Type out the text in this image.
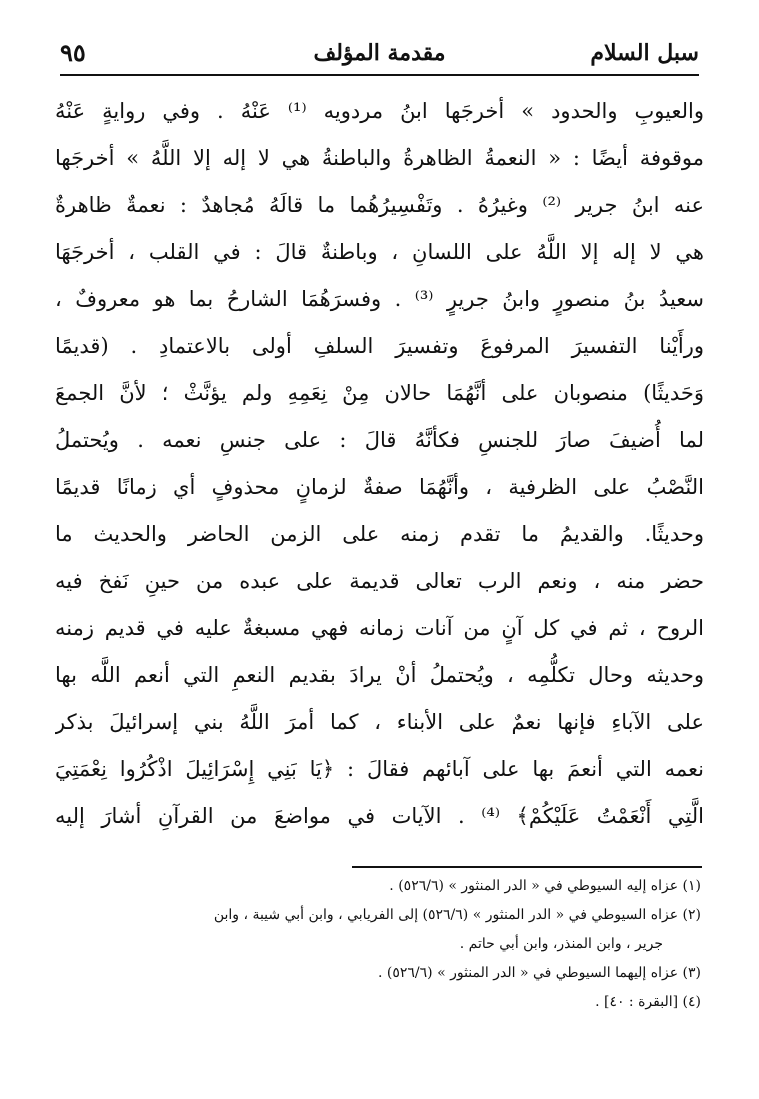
سبل السلام
مقدمة المؤلف
٩٥
والعيوبِ والحدود » أخرجَها ابنُ مردويه ⁽¹⁾ عَنْهُ . وفي روايةٍ عَنْهُ
موقوفة أيضًا : « النعمةُ الظاهرةُ والباطنةُ هي لا إله إلا اللَّهُ » أخرجَها
عنه ابنُ جرير ⁽²⁾ وغيرُهُ . وتَفْسِيرُهُما ما قالَهُ مُجاهدٌ : نعمةٌ ظاهرةٌ
هي لا إله إلا اللَّهُ على اللسانِ ، وباطنةٌ قالَ : في القلب ، أخرجَهَا
سعيدُ بنُ منصورٍ وابنُ جريرٍ ⁽³⁾ . وفسرَهُمَا الشارحُ بما هو معروفٌ ،
ورأَيْنا التفسيرَ المرفوعَ وتفسيرَ السلفِ أولى بالاعتمادِ . (قديمًا
وَحَديثًا) منصوبان على أنَّهُمَا حالان مِنْ نِعَمِهِ ولم يؤنَّثْ ؛ لأنَّ الجمعَ
لما أُضيفَ صارَ للجنسِ فكأنَّهُ قالَ : على جنسِ نعمه . ويُحتملُ
النَّصْبُ على الظرفية ، وأنَّهُمَا صفةٌ لزمانٍ محذوفٍ أي زمانًا قديمًا
وحديثًا. والقديمُ ما تقدم زمنه على الزمن الحاضر والحديث ما
حضر منه ، ونعم الرب تعالى قديمة على عبده من حينِ نَفخ فيه
الروح ، ثم في كل آنٍ من آنات زمانه فهي مسبغةٌ عليه في قديم زمنه
وحديثه وحال تكلُّمِه ، ويُحتملُ أنْ يرادَ بقديم النعمِ التي أنعم اللَّه بها
على الآباءِ فإنها نعمٌ على الأبناء ، كما أمرَ اللَّهُ بني إسرائيلَ بذكر
نعمه التي أنعمَ بها على آبائهم فقالَ : ﴿يَا بَنِي إِسْرَائِيلَ اذْكُرُوا نِعْمَتِيَ
الَّتِي أَنْعَمْتُ عَلَيْكُمْ﴾ ⁽⁴⁾ . الآيات في مواضعَ من القرآنِ أشارَ إليه
(١) عزاه إليه السيوطي في « الدر المنثور » (٥٢٦/٦) .
(٢) عزاه السيوطي في « الدر المنثور » (٥٢٦/٦) إلى الفريابي ، وابن أبي شيبة ، وابن
جرير ، وابن المنذر، وابن أبي حاتم .
(٣) عزاه إليهما السيوطي في « الدر المنثور » (٥٢٦/٦) .
(٤) [البقرة : ٤٠] .
